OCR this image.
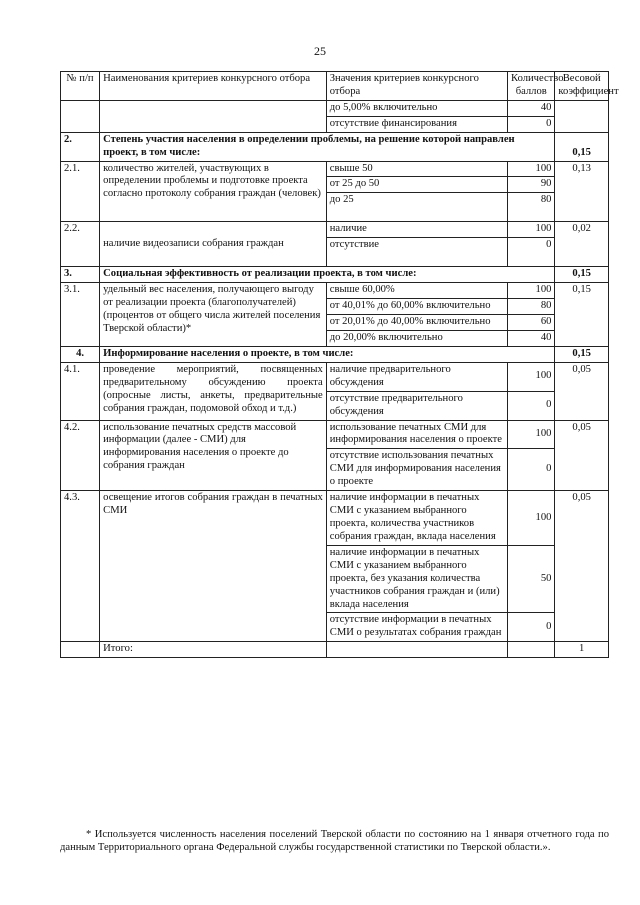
25
№ п/п	Наименования критериев конкурсного отбора	Значения критериев конкурсного отбора	Количество баллов	Весовой коэффициент
		до 5,00% включительно	40	
		отсутствие финансирования	0	
2.	Степень участия населения в определении проблемы, на решение которой направлен проект, в том числе:			0,15
2.1.	количество жителей, участвующих в определении проблемы и подготовке проекта согласно протоколу собрания граждан (человек)	свыше 50	100	0,13
		от 25 до 50	90	
		до 25	80	
2.2.	наличие видеозаписи собрания граждан	наличие	100	0,02
		отсутствие	0	
3.	Социальная эффективность от реализации проекта, в том числе:			0,15
3.1.	удельный вес населения, получающего выгоду от реализации проекта (благополучателей) (процентов от общего числа жителей поселения Тверской области)*	свыше 60,00%	100	0,15
		от 40,01% до 60,00% включительно	80	
		от 20,01% до 40,00% включительно	60	
		до 20,00% включительно	40	
4.	Информирование населения о проекте, в том числе:			0,15
4.1.	проведение мероприятий, посвященных предварительному обсуждению проекта (опросные листы, анкеты, предварительные собрания граждан, подомовой обход и т.д.)	наличие предварительного обсуждения	100	0,05
		отсутствие предварительного обсуждения	0	
4.2.	использование печатных средств массовой информации (далее - СМИ) для информирования населения о проекте до собрания граждан	использование печатных СМИ для информирования населения о проекте	100	0,05
		отсутствие использования печатных СМИ для информирования населения о проекте	0	
4.3.	освещение итогов собрания граждан в печатных СМИ	наличие информации в печатных СМИ с указанием выбранного проекта, количества участников собрания граждан, вклада населения	100	0,05
		наличие информации в печатных СМИ с указанием выбранного проекта, без указания количества участников собрания граждан и (или) вклада населения	50	
		отсутствие информации в печатных СМИ о результатах собрания граждан	0	
	Итого:			1
* Используется численность населения поселений Тверской области по состоянию на 1 января отчетного года по данным Территориального органа Федеральной службы государственной статистики по Тверской области.».
